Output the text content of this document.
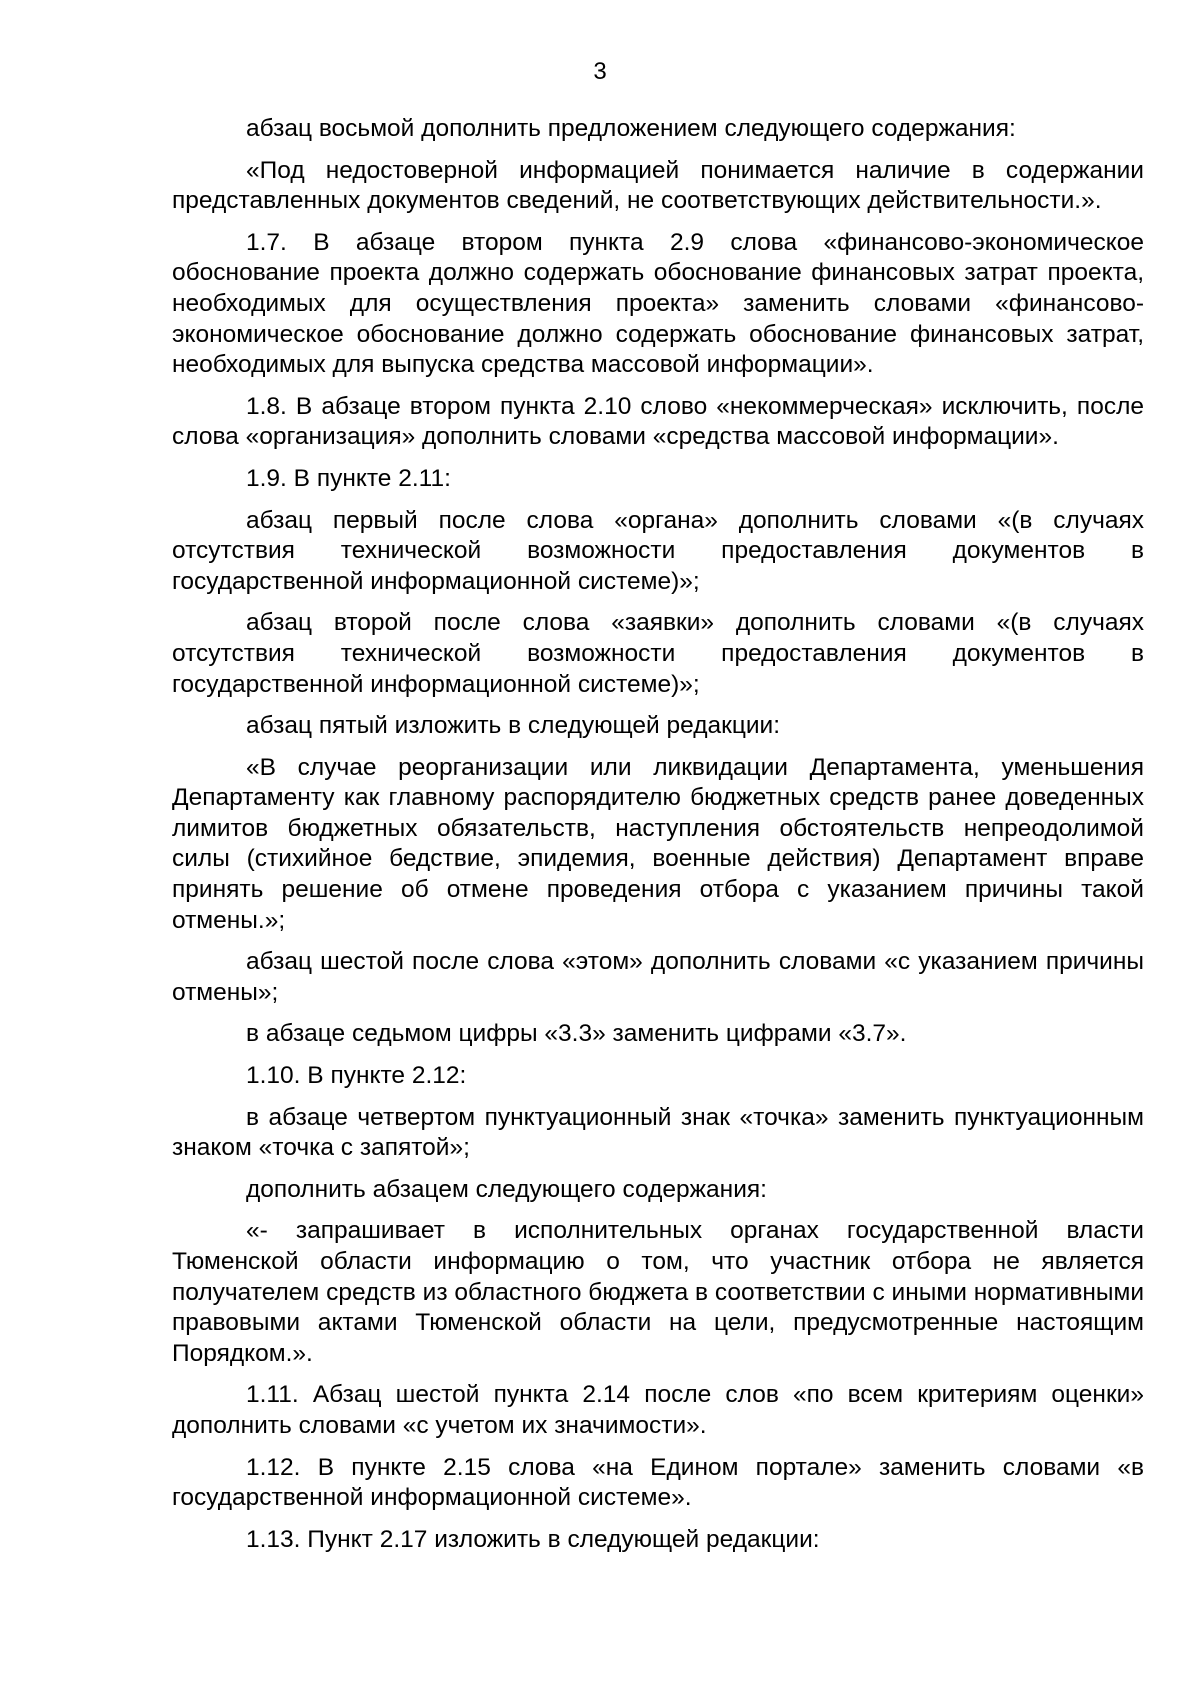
3

абзац восьмой дополнить предложением следующего содержания:

«Под недостоверной информацией понимается наличие в содержании представленных документов сведений, не соответствующих действительности.».

1.7. В абзаце втором пункта 2.9 слова «финансово-экономическое обоснование проекта должно содержать обоснование финансовых затрат проекта, необходимых для осуществления проекта» заменить словами «финансово-экономическое обоснование должно содержать обоснование финансовых затрат, необходимых для выпуска средства массовой информации».

1.8. В абзаце втором пункта 2.10 слово «некоммерческая» исключить, после слова «организация» дополнить словами «средства массовой информации».

1.9. В пункте 2.11:

абзац первый после слова «органа» дополнить словами «(в случаях отсутствия технической возможности предоставления документов в государственной информационной системе)»;

абзац второй после слова «заявки» дополнить словами «(в случаях отсутствия технической возможности предоставления документов в государственной информационной системе)»;

абзац пятый изложить в следующей редакции:

«В случае реорганизации или ликвидации Департамента, уменьшения Департаменту как главному распорядителю бюджетных средств ранее доведенных лимитов бюджетных обязательств, наступления обстоятельств непреодолимой силы (стихийное бедствие, эпидемия, военные действия) Департамент вправе принять решение об отмене проведения отбора с указанием причины такой отмены.»;

абзац шестой после слова «этом» дополнить словами «с указанием причины отмены»;

в абзаце седьмом цифры «3.3» заменить цифрами «3.7».

1.10. В пункте 2.12:

в абзаце четвертом пунктуационный знак «точка» заменить пунктуационным знаком «точка с запятой»;

дополнить абзацем следующего содержания:

«- запрашивает в исполнительных органах государственной власти Тюменской области информацию о том, что участник отбора не является получателем средств из областного бюджета в соответствии с иными нормативными правовыми актами Тюменской области на цели, предусмотренные настоящим Порядком.».

1.11. Абзац шестой пункта 2.14 после слов «по всем критериям оценки» дополнить словами «с учетом их значимости».

1.12. В пункте 2.15 слова «на Едином портале» заменить словами «в государственной информационной системе».

1.13. Пункт 2.17 изложить в следующей редакции:
